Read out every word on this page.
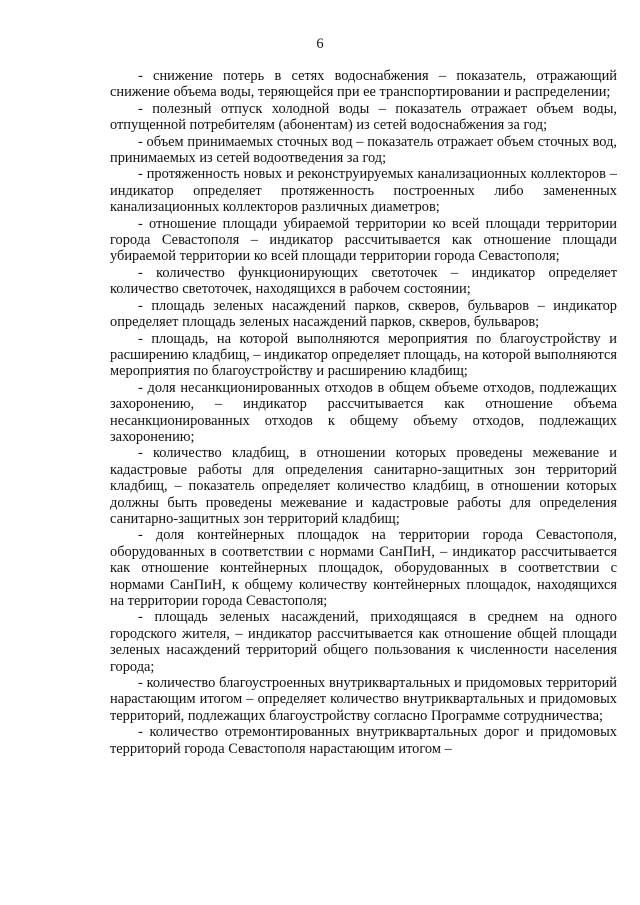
6

- снижение потерь в сетях водоснабжения – показатель, отражающий снижение объема воды, теряющейся при ее транспортировании и распределении;

- полезный отпуск холодной воды – показатель отражает объем воды, отпущенной потребителям (абонентам) из сетей водоснабжения за год;

- объем принимаемых сточных вод – показатель отражает объем сточных вод, принимаемых из сетей водоотведения за год;

- протяженность новых и реконструируемых канализационных коллекторов – индикатор определяет протяженность построенных либо замененных канализационных коллекторов различных диаметров;

- отношение площади убираемой территории ко всей площади территории города Севастополя – индикатор рассчитывается как отношение площади убираемой территории ко всей площади территории города Севастополя;

- количество функционирующих светоточек – индикатор определяет количество светоточек, находящихся в рабочем состоянии;

- площадь зеленых насаждений парков, скверов, бульваров – индикатор определяет площадь зеленых насаждений парков, скверов, бульваров;

- площадь, на которой выполняются мероприятия по благоустройству и расширению кладбищ, – индикатор определяет площадь, на которой выполняются мероприятия по благоустройству и расширению кладбищ;

- доля несанкционированных отходов в общем объеме отходов, подлежащих захоронению, – индикатор рассчитывается как отношение объема несанкционированных отходов к общему объему отходов, подлежащих захоронению;

- количество кладбищ, в отношении которых проведены межевание и кадастровые работы для определения санитарно-защитных зон территорий кладбищ, – показатель определяет количество кладбищ, в отношении которых должны быть проведены межевание и кадастровые работы для определения санитарно-защитных зон территорий кладбищ;

- доля контейнерных площадок на территории города Севастополя, оборудованных в соответствии с нормами СанПиН, – индикатор рассчитывается как отношение контейнерных площадок, оборудованных в соответствии с нормами СанПиН, к общему количеству контейнерных площадок, находящихся на территории города Севастополя;

- площадь зеленых насаждений, приходящаяся в среднем на одного городского жителя, – индикатор рассчитывается как отношение общей площади зеленых насаждений территорий общего пользования к численности населения города;

- количество благоустроенных внутриквартальных и придомовых территорий нарастающим итогом – определяет количество внутриквартальных и придомовых территорий, подлежащих благоустройству согласно Программе сотрудничества;

- количество отремонтированных внутриквартальных дорог и придомовых территорий города Севастополя нарастающим итогом –
